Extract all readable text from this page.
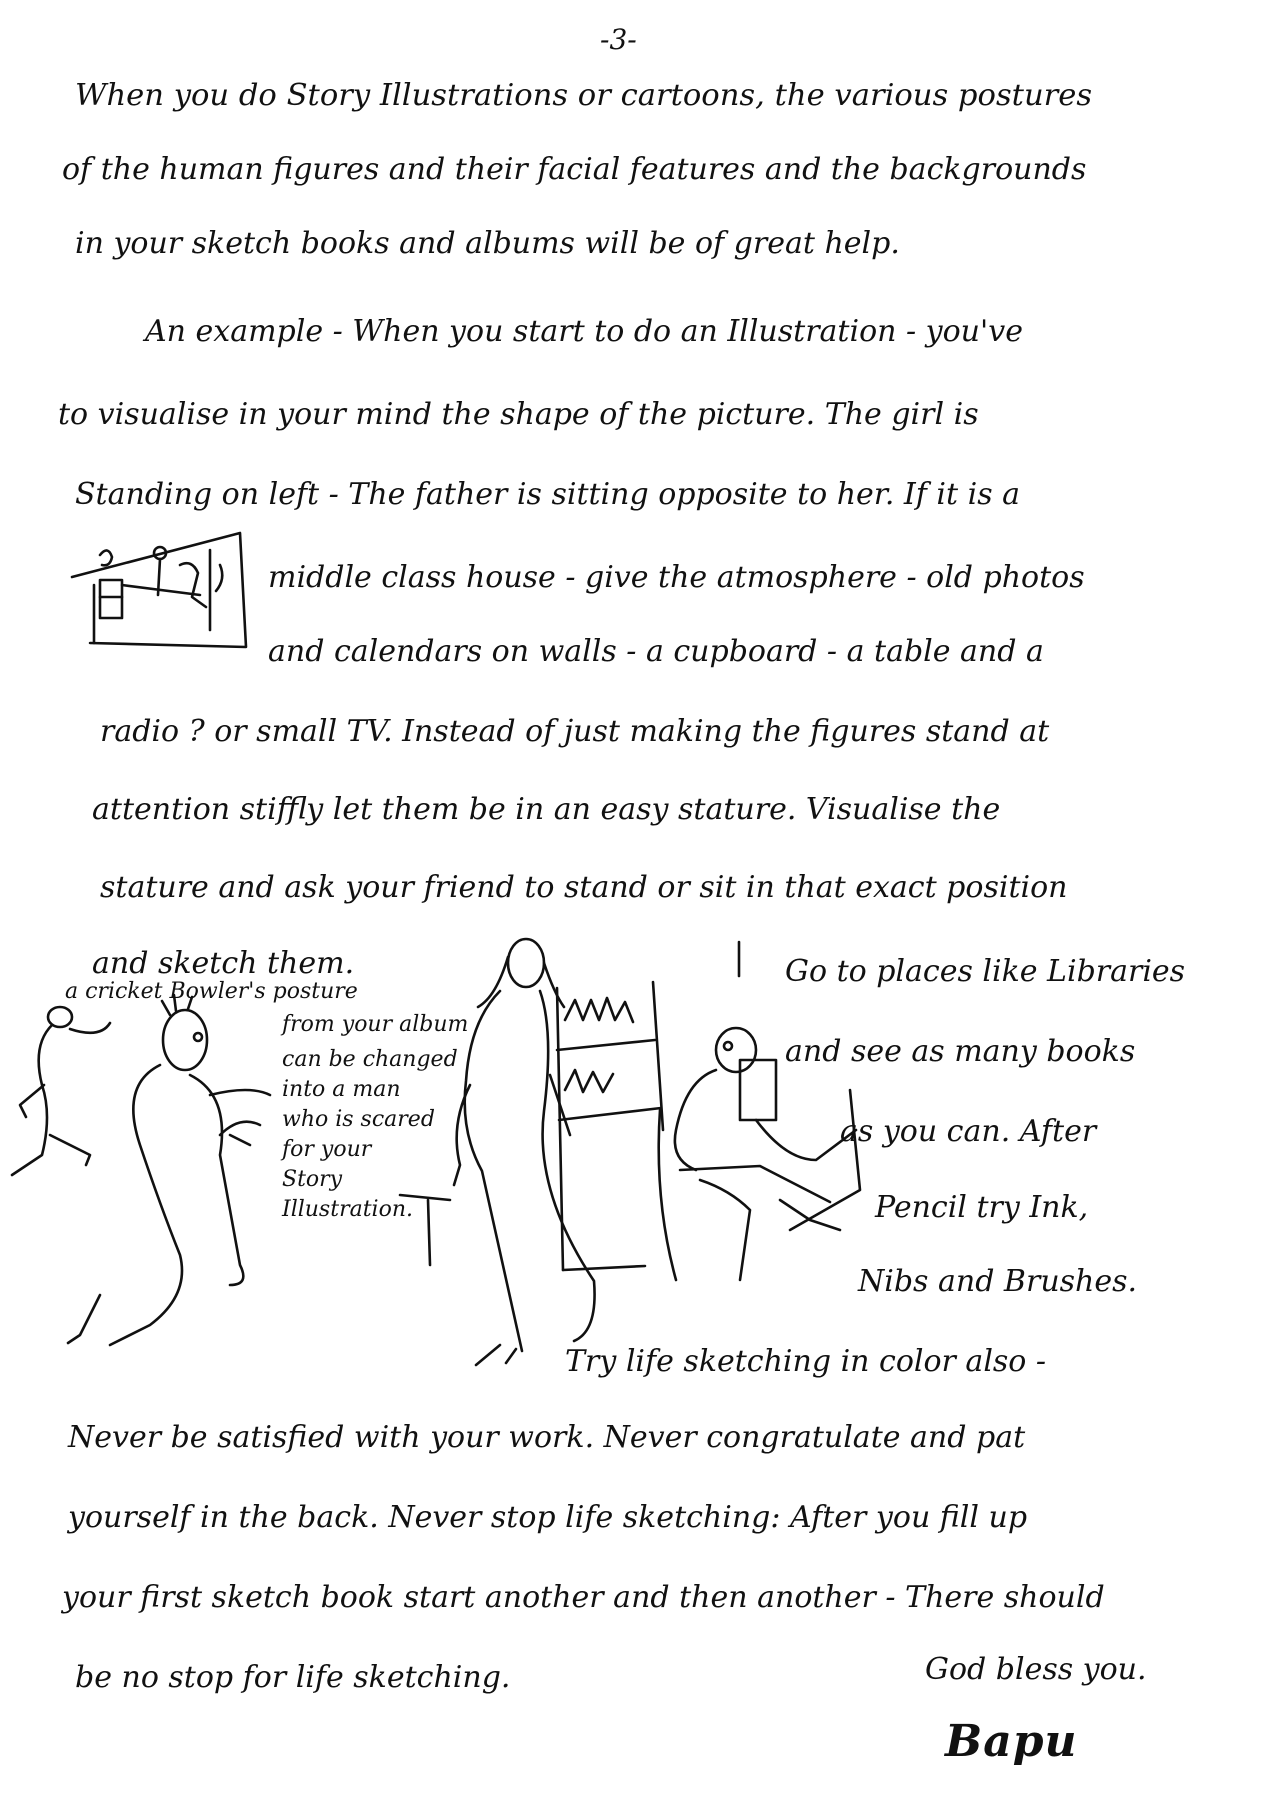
-3-

When you do Story Illustrations or cartoons, the various postures

of the human figures and their facial features and the backgrounds

in your sketch books and albums will be of great help.

An example - When you start to do an Illustration - you've

to visualise in your mind the shape of the picture. The girl is

Standing on left - The father is sitting opposite to her. If it is a

middle class house - give the atmosphere - old photos

and calendars on walls - a cupboard - a table and a

radio ? or small TV. Instead of just making the figures stand at

attention stiffly let them be in an easy stature. Visualise the

stature and ask your friend to stand or sit in that exact position

and sketch them.	Go to places like Libraries

and see as many books

as you can. After

Pencil try Ink,

Nibs and Brushes.

Try life sketching in color also -

Never be satisfied with your work. Never congratulate and pat

yourself in the back. Never stop life sketching: After you fill up

your first sketch book start another and then another - There should

be no stop for life sketching.	God bless you.

Bapu

a cricket Bowler's posture

from your album

can be changed

into a man

who is scared

for your

Story

Illustration.
